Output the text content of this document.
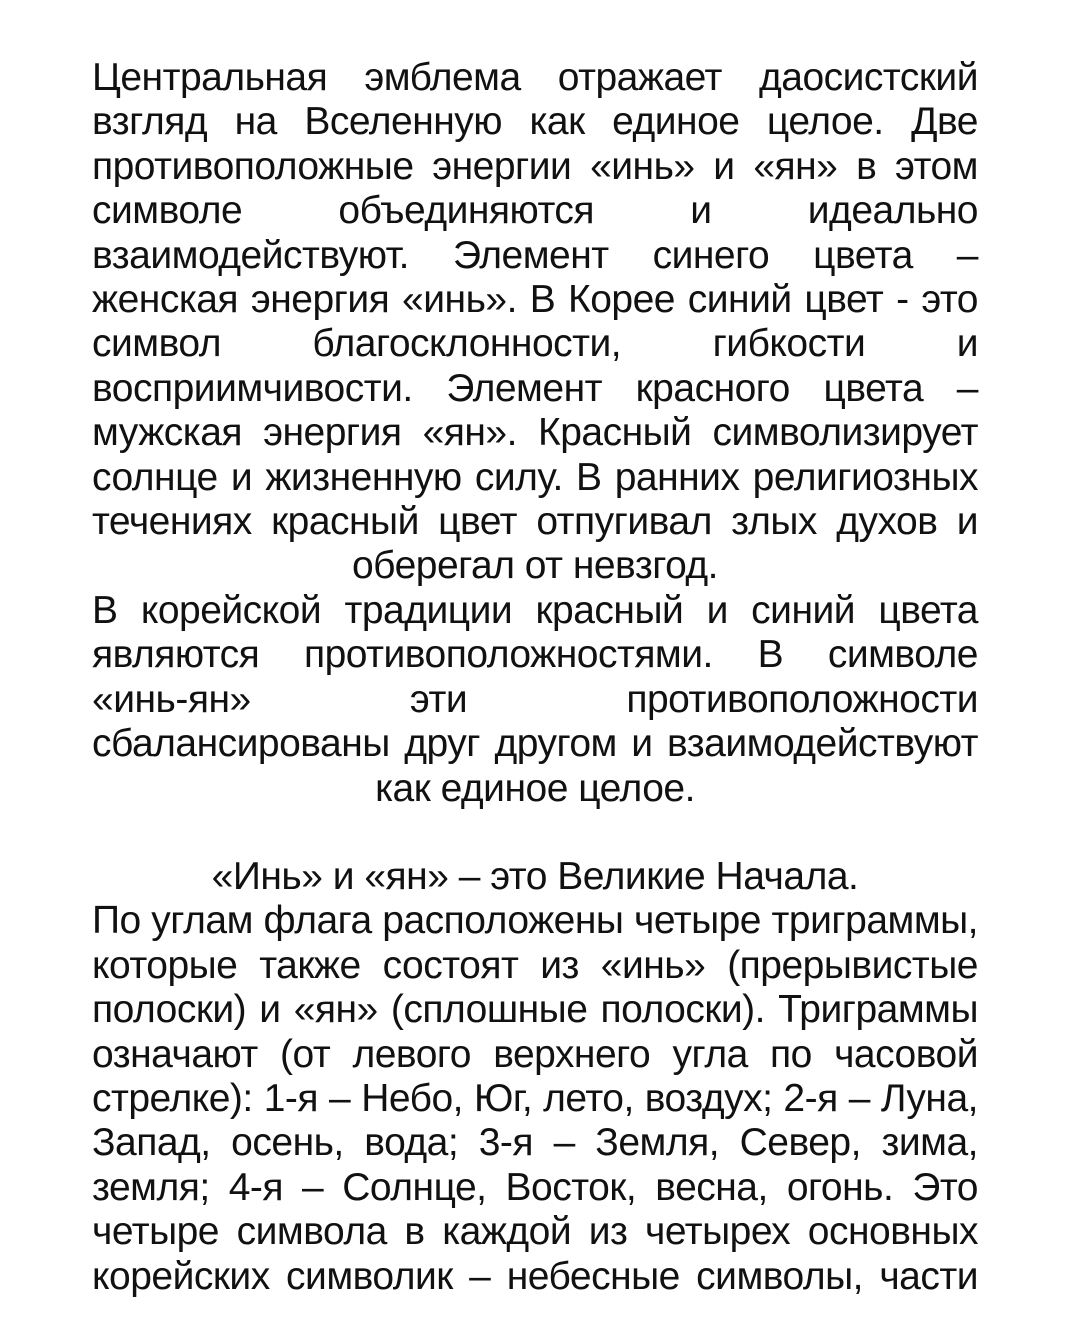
Центральная эмблема отражает даосистский взгляд на Вселенную как единое целое. Две противоположные энергии «инь» и «ян» в этом символе объединяются и идеально взаимодействуют. Элемент синего цвета – женская энергия «инь». В Корее синий цвет - это символ благосклонности, гибкости и восприимчивости. Элемент красного цвета – мужская энергия «ян». Красный символизирует солнце и жизненную силу. В ранних религиозных течениях красный цвет отпугивал злых духов и оберегал от невзгод.

В корейской традиции красный и синий цвета являются противоположностями. В символе «инь-ян» эти противоположности сбалансированы друг другом и взаимодействуют как единое целое.

«Инь» и «ян» – это Великие Начала.

По углам флага расположены четыре триграммы, которые также состоят из «инь» (прерывистые полоски) и «ян» (сплошные полоски). Триграммы означают (от левого верхнего угла по часовой стрелке): 1-я – Небо, Юг, лето, воздух; 2-я – Луна, Запад, осень, вода; 3-я – Земля, Север, зима, земля; 4-я – Солнце, Восток, весна, огонь. Это четыре символа в каждой из четырех основных корейских символик – небесные символы, части
